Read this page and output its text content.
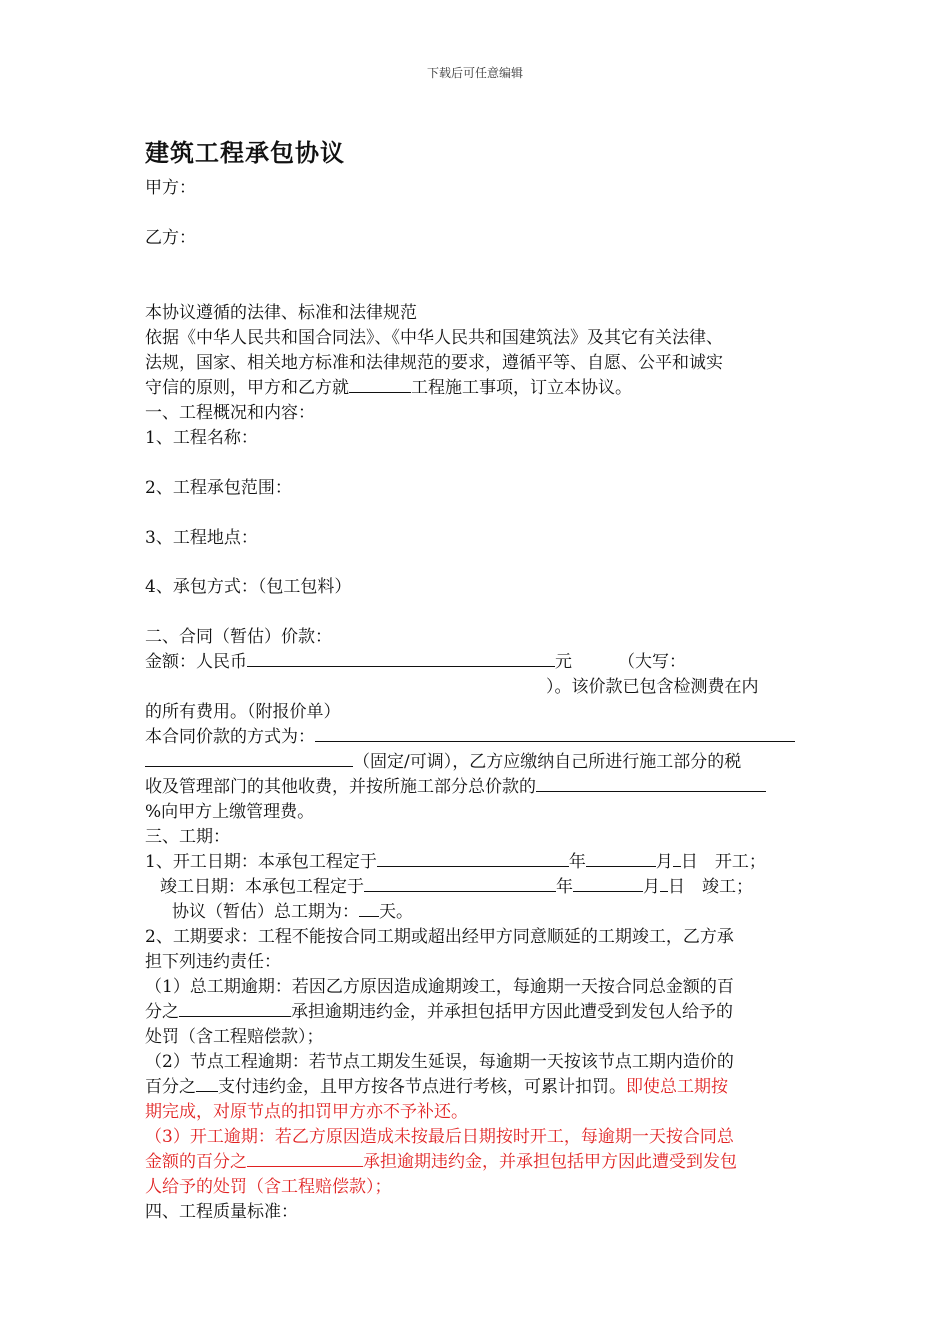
下载后可任意编辑
建筑工程承包协议
甲方：
乙方：
本协议遵循的法律、标准和法律规范
依据《中华人民共和国合同法》、《中华人民共和国建筑法》及其它有关法律、
法规，国家、相关地方标准和法律规范的要求，遵循平等、自愿、公平和诚实
守信的原则，甲方和乙方就	工程施工事项，订立本协议。
一、工程概况和内容：
1、工程名称：
2、工程承包范围：
3、工程地点：
4、承包方式：（包工包料）
二、合同（暂估）价款：
金额：人民币	元	（大写：
）。该价款已包含检测费在内
的所有费用。（附报价单）
本合同价款的方式为：
（固定/可调），乙方应缴纳自己所进行施工部分的税
收及管理部门的其他收费，并按所施工部分总价款的
%向甲方上缴管理费。
三、工期：
1、开工日期：本承包工程定于	年	月 日　开工；
竣工日期：本承包工程定于	年	月 日　竣工；
协议（暂估）总工期为： 天。
2、工期要求：工程不能按合同工期或超出经甲方同意顺延的工期竣工，乙方承
担下列违约责任：
（1）总工期逾期：若因乙方原因造成逾期竣工，每逾期一天按合同总金额的百
分之	承担逾期违约金，并承担包括甲方因此遭受到发包人给予的
处罚（含工程赔偿款）；
（2）节点工程逾期：若节点工期发生延误，每逾期一天按该节点工期内造价的
百分之 支付违约金，且甲方按各节点进行考核，可累计扣罚。即使总工期按
期完成，对原节点的扣罚甲方亦不予补还。
（3）开工逾期：若乙方原因造成未按最后日期按时开工，每逾期一天按合同总
金额的百分之	承担逾期违约金，并承担包括甲方因此遭受到发包
人给予的处罚（含工程赔偿款）；
四、工程质量标准：
